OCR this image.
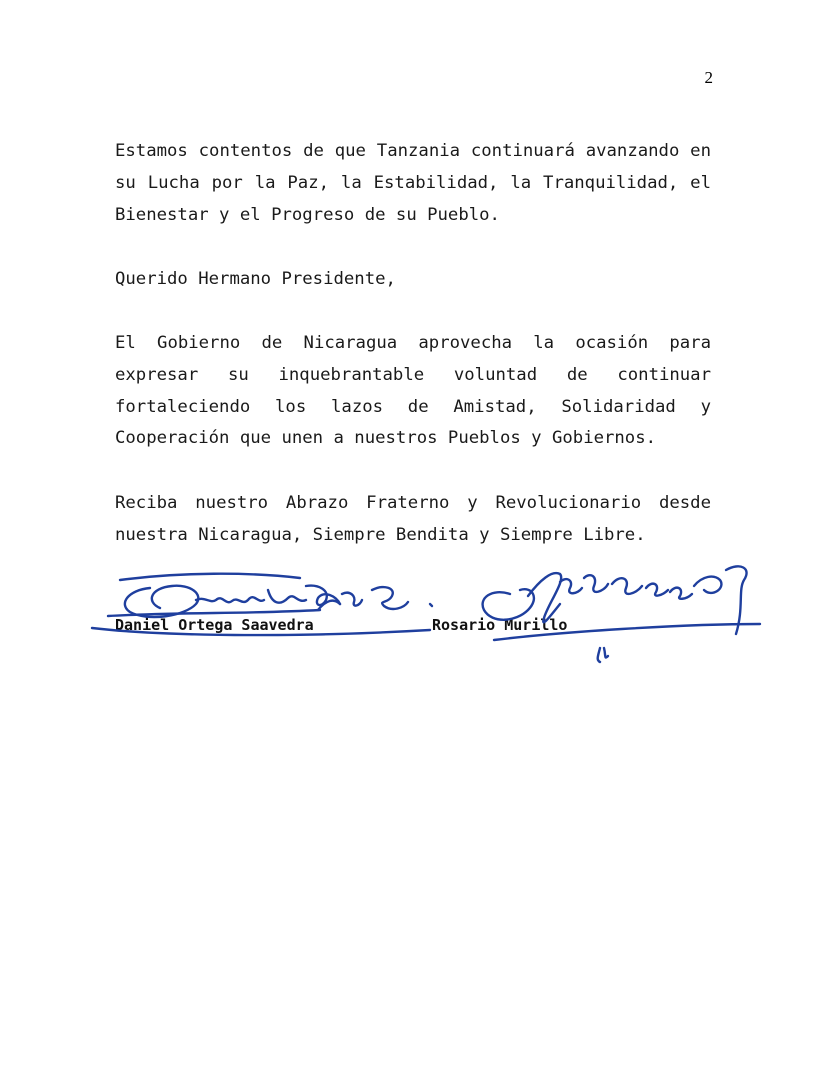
2

Estamos contentos de que Tanzania continuará avanzando en su Lucha por la Paz, la Estabilidad, la Tranquilidad, el Bienestar y el Progreso de su Pueblo.

Querido Hermano Presidente,

El Gobierno de Nicaragua aprovecha la ocasión para expresar su inquebrantable voluntad de continuar fortaleciendo los lazos de Amistad, Solidaridad y Cooperación que unen a nuestros Pueblos y Gobiernos.

Reciba nuestro Abrazo Fraterno y Revolucionario desde nuestra Nicaragua, Siempre Bendita y Siempre Libre.

Daniel Ortega Saavedra	Rosario Murillo
